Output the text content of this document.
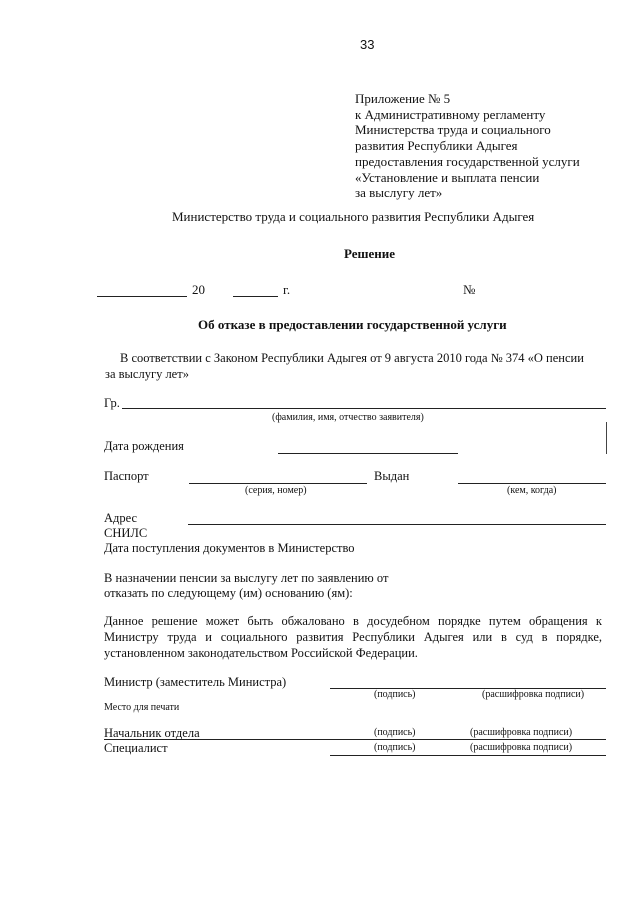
33
Приложение № 5
к Административному регламенту
Министерства труда и социального
развития Республики Адыгея
предоставления государственной услуги
«Установление и выплата пенсии
за выслугу лет»
Министерство труда и социального развития Республики Адыгея
Решение
20	г.	№
Об отказе в предоставлении государственной услуги
В соответствии с Законом Республики Адыгея от 9 августа 2010 года № 374 «О пенсии
за выслугу лет»
Гр.
(фамилия, имя, отчество заявителя)
Дата рождения
Паспорт	Выдан
(серия, номер)	(кем, когда)
Адрес
СНИЛС
Дата поступления документов в Министерство
В назначении пенсии за выслугу лет по заявлению от
отказать по следующему (им) основанию (ям):
Данное решение может быть обжаловано в досудебном порядке путем обращения к Министру труда и социального развития Республики Адыгея или в суд в порядке, установленном законодательством Российской Федерации.
Министр (заместитель Министра)
(подпись)	(расшифровка подписи)
Место для печати
Начальник отдела	(подпись)	(расшифровка подписи)
Специалист	(подпись)	(расшифровка подписи)
